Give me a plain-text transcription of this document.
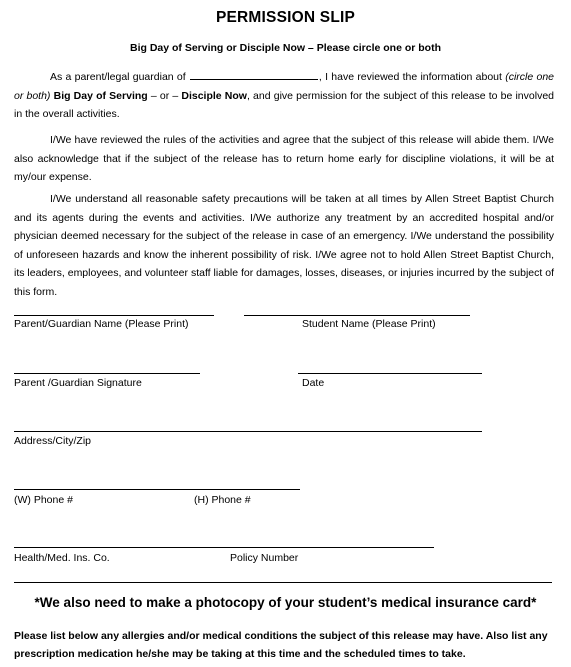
PERMISSION SLIP
Big Day of Serving or Disciple Now – Please circle one or both
As a parent/legal guardian of	, I have reviewed the information about (circle one or both) Big Day of Serving – or – Disciple Now, and give permission for the subject of this release to be involved in the overall activities.
I/We have reviewed the rules of the activities and agree that the subject of this release will abide them. I/We also acknowledge that if the subject of the release has to return home early for discipline violations, it will be at my/our expense.
I/We understand all reasonable safety precautions will be taken at all times by Allen Street Baptist Church and its agents during the events and activities. I/We authorize any treatment by an accredited hospital and/or physician deemed necessary for the subject of the release in case of an emergency. I/We understand the possibility of unforeseen hazards and know the inherent possibility of risk. I/We agree not to hold Allen Street Baptist Church, its leaders, employees, and volunteer staff liable for damages, losses, diseases, or injuries incurred by the subject of this form.
Parent/Guardian Name (Please Print)	Student Name (Please Print)
Parent /Guardian Signature	Date
Address/City/Zip
(W) Phone #	(H) Phone #
Health/Med. Ins. Co.	Policy Number
*We also need to make a photocopy of your student’s medical insurance card*
Please list below any allergies and/or medical conditions the subject of this release may have. Also list any prescription medication he/she may be taking at this time and the scheduled times to take.
